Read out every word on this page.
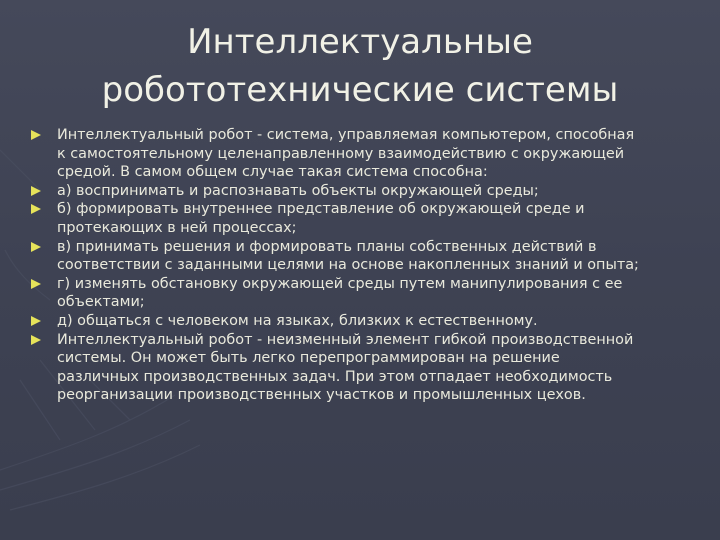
Интеллектуальные
робототехнические системы
Интеллектуальный робот - система, управляемая компьютером, способная
к самостоятельному целенаправленному взаимодействию с окружающей
средой. В самом общем случае такая система способна:
а) воспринимать и распознавать объекты окружающей среды;
б) формировать внутреннее представление об окружающей среде и
протекающих в ней процессах;
в) принимать решения и формировать планы собственных действий в
соответствии с заданными целями на основе накопленных знаний и опыта;
г) изменять обстановку окружающей среды путем манипулирования с ее
объектами;
д) общаться с человеком на языках, близких к естественному.
Интеллектуальный робот - неизменный элемент гибкой производственной
системы. Он может быть легко перепрограммирован на решение
различных производственных задач. При этом отпадает необходимость
реорганизации производственных участков и промышленных цехов.
